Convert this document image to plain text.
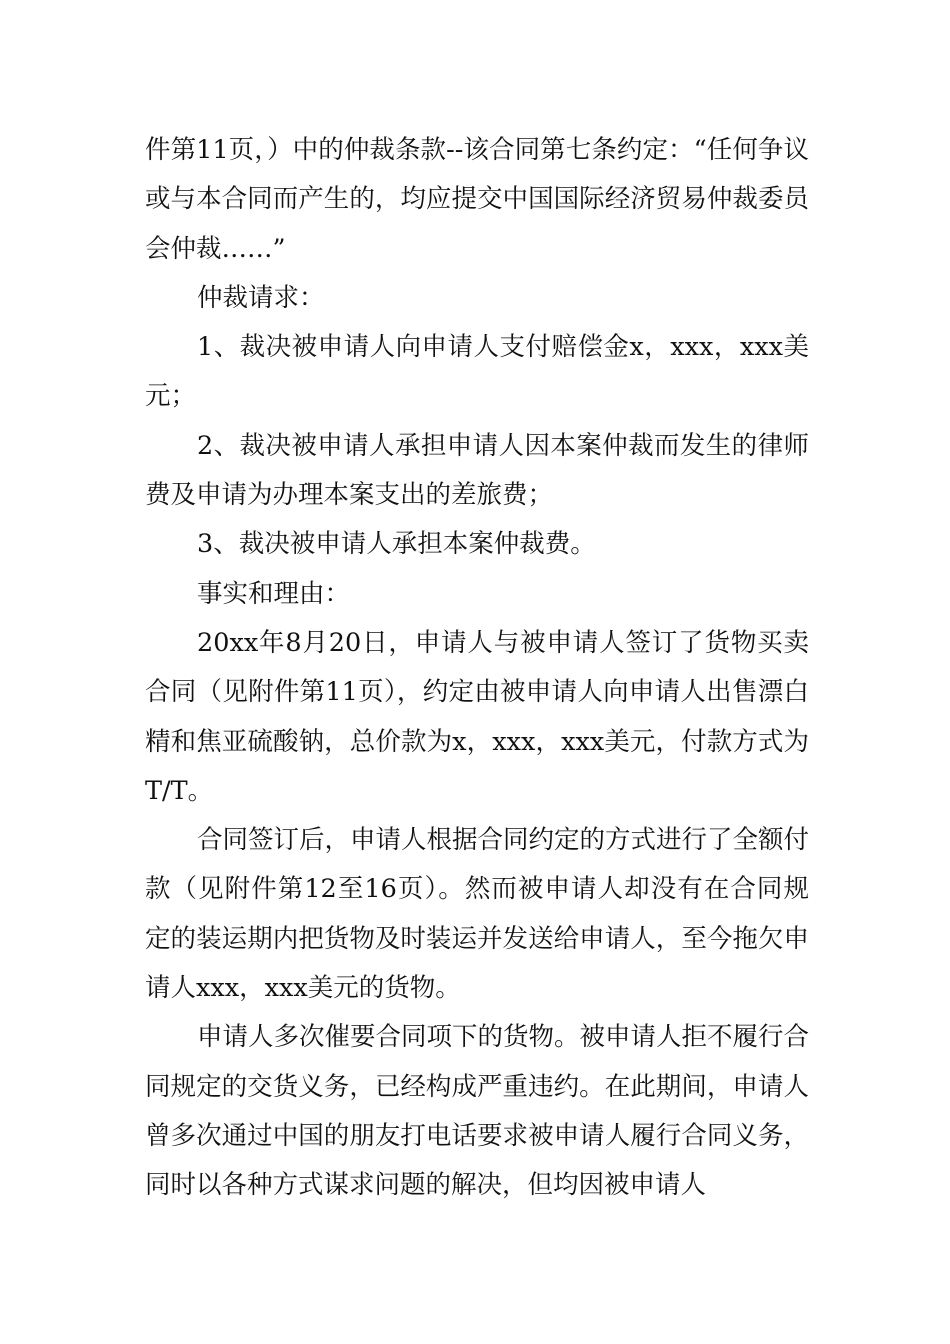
件第11页，）中的仲裁条款--该合同第七条约定：“任何争议或与本合同而产生的，均应提交中国国际经济贸易仲裁委员会仲裁……”

仲裁请求：

1、裁决被申请人向申请人支付赔偿金x，xxx，xxx美元；

2、裁决被申请人承担申请人因本案仲裁而发生的律师费及申请为办理本案支出的差旅费；

3、裁决被申请人承担本案仲裁费。

事实和理由：

20xx年8月20日，申请人与被申请人签订了货物买卖合同（见附件第11页），约定由被申请人向申请人出售漂白精和焦亚硫酸钠，总价款为x，xxx，xxx美元，付款方式为T/T。

合同签订后，申请人根据合同约定的方式进行了全额付款（见附件第12至16页）。然而被申请人却没有在合同规定的装运期内把货物及时装运并发送给申请人，至今拖欠申请人xxx，xxx美元的货物。

申请人多次催要合同项下的货物。被申请人拒不履行合同规定的交货义务，已经构成严重违约。在此期间，申请人曾多次通过中国的朋友打电话要求被申请人履行合同义务，同时以各种方式谋求问题的解决，但均因被申请人
